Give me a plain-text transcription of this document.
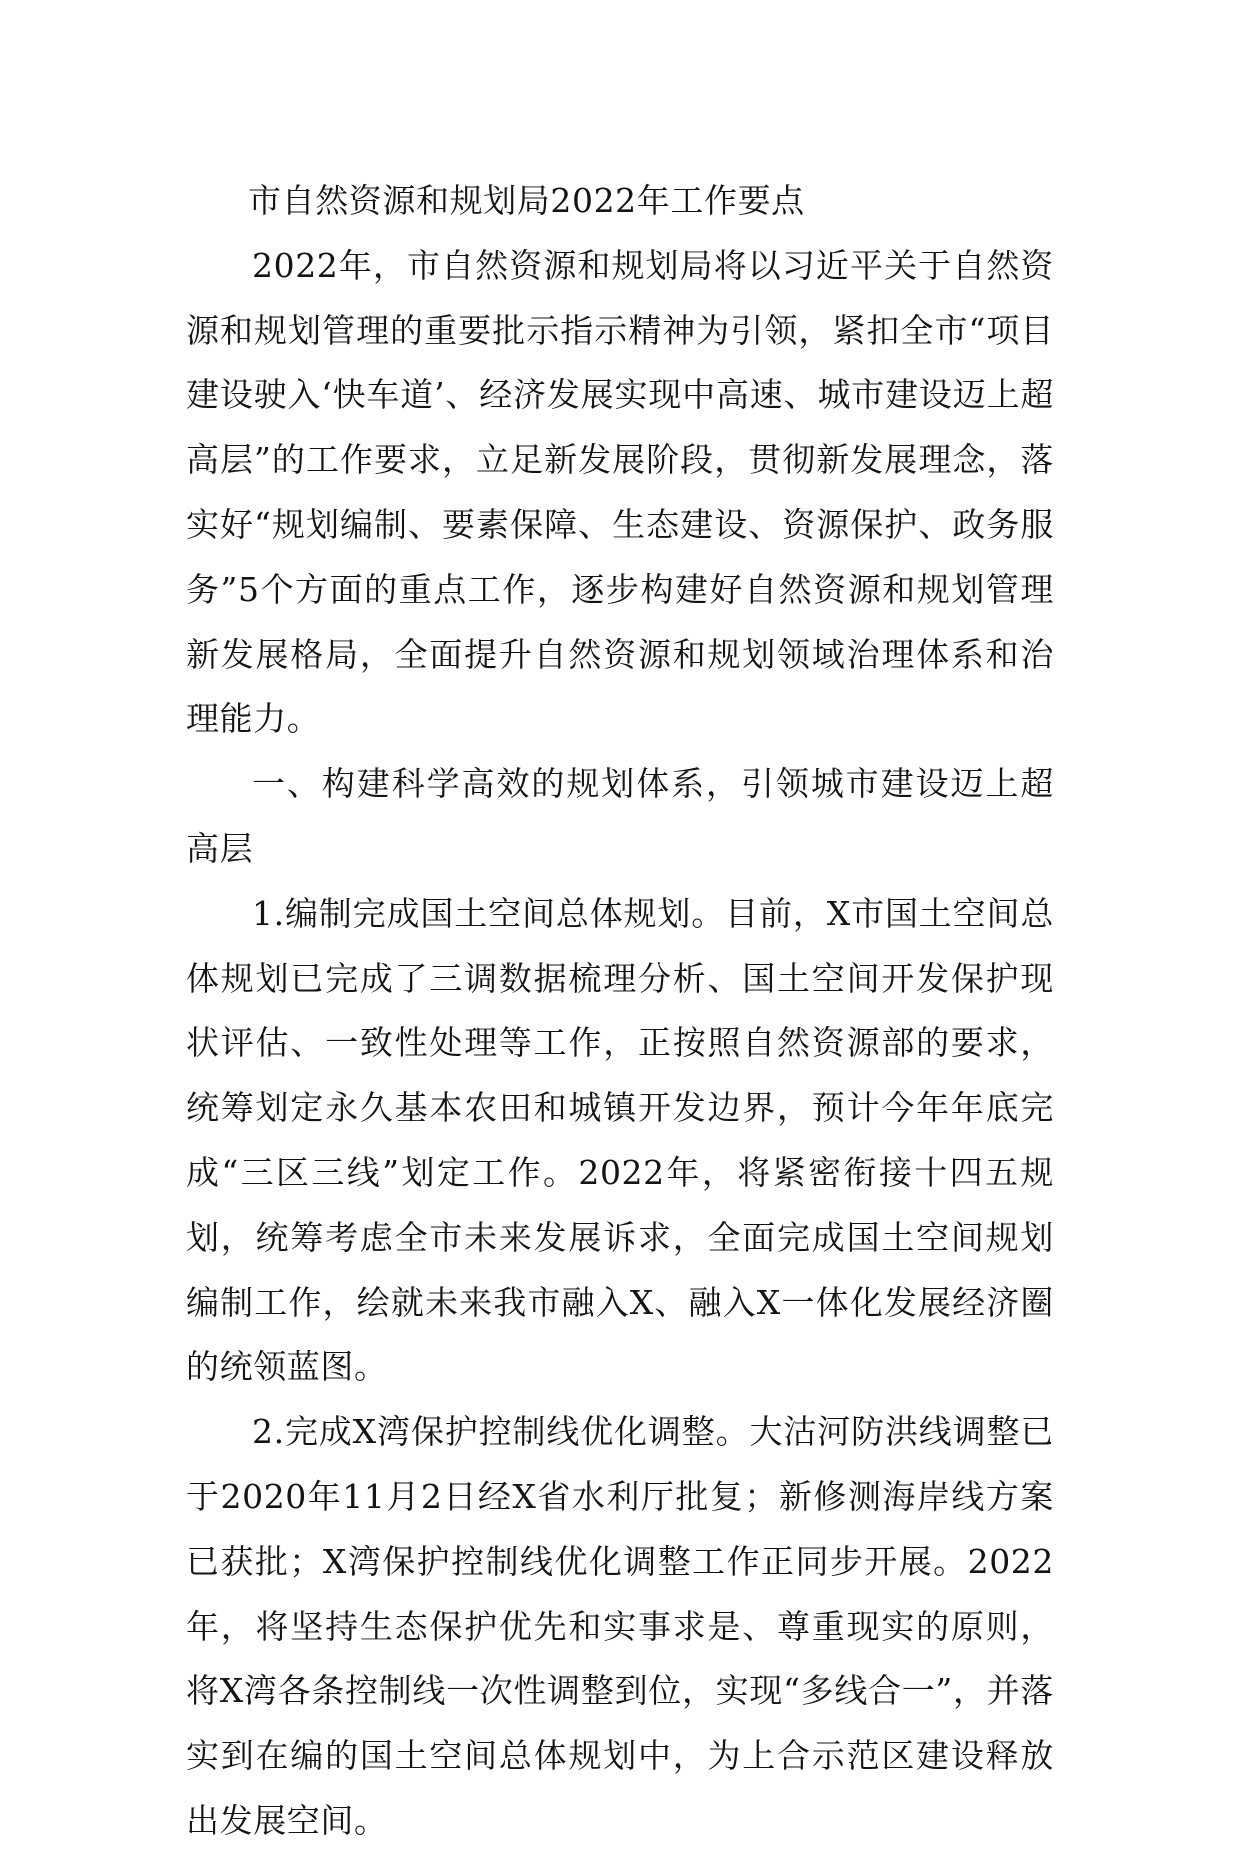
市自然资源和规划局2022年工作要点

2022年，市自然资源和规划局将以习近平关于自然资源和规划管理的重要批示指示精神为引领，紧扣全市“项目建设驶入‘快车道’、经济发展实现中高速、城市建设迈上超高层”的工作要求，立足新发展阶段，贯彻新发展理念，落实好“规划编制、要素保障、生态建设、资源保护、政务服务”5个方面的重点工作，逐步构建好自然资源和规划管理新发展格局，全面提升自然资源和规划领域治理体系和治理能力。

一、构建科学高效的规划体系，引领城市建设迈上超高层

1.编制完成国土空间总体规划。目前，X市国土空间总体规划已完成了三调数据梳理分析、国土空间开发保护现状评估、一致性处理等工作，正按照自然资源部的要求，统筹划定永久基本农田和城镇开发边界，预计今年年底完成“三区三线”划定工作。2022年，将紧密衔接十四五规划，统筹考虑全市未来发展诉求，全面完成国土空间规划编制工作，绘就未来我市融入X、融入X一体化发展经济圈的统领蓝图。

2.完成X湾保护控制线优化调整。大沽河防洪线调整已于2020年11月2日经X省水利厅批复；新修测海岸线方案已获批；X湾保护控制线优化调整工作正同步开展。2022年，将坚持生态保护优先和实事求是、尊重现实的原则，将X湾各条控制线一次性调整到位，实现“多线合一”，并落实到在编的国土空间总体规划中，为上合示范区建设释放出发展空间。
